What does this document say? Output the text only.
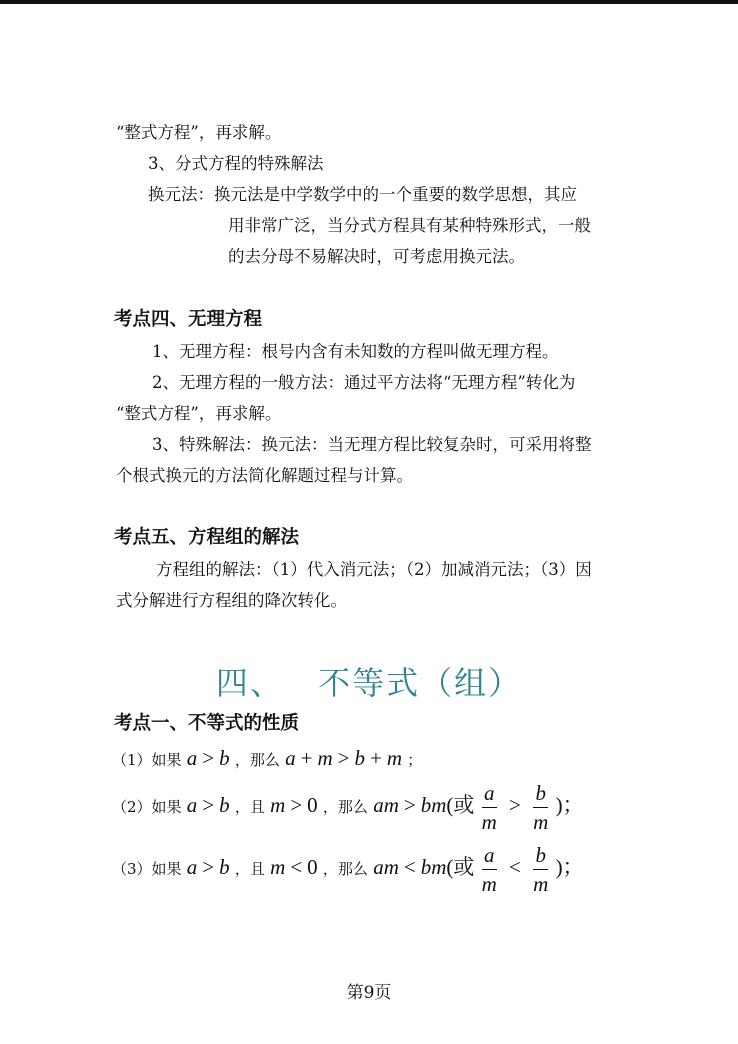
“整式方程”，再求解。
3、分式方程的特殊解法
换元法：换元法是中学数学中的一个重要的数学思想，其应
用非常广泛，当分式方程具有某种特殊形式，一般
的去分母不易解决时，可考虑用换元法。
考点四、无理方程
1、无理方程：根号内含有未知数的方程叫做无理方程。
2、无理方程的一般方法：通过平方法将“无理方程”转化为
“整式方程”，再求解。
3、特殊解法：换元法：当无理方程比较复杂时，可采用将整
个根式换元的方法简化解题过程与计算。
考点五、方程组的解法
方程组的解法：（1）代入消元法；（2）加减消元法；（3）因
式分解进行方程组的降次转化。
四、 不等式（组）
考点一、不等式的性质
（1）如果 a > b ，那么 a + m > b + m ；
（2）如果 a > b ，且 m > 0 ，那么 am > bm(或 $\frac{a}{m} > \frac{b}{m}$ )；
（3）如果 a > b ，且 m < 0 ，那么 am < bm(或 $\frac{a}{m} < \frac{b}{m}$ )；
第9页
